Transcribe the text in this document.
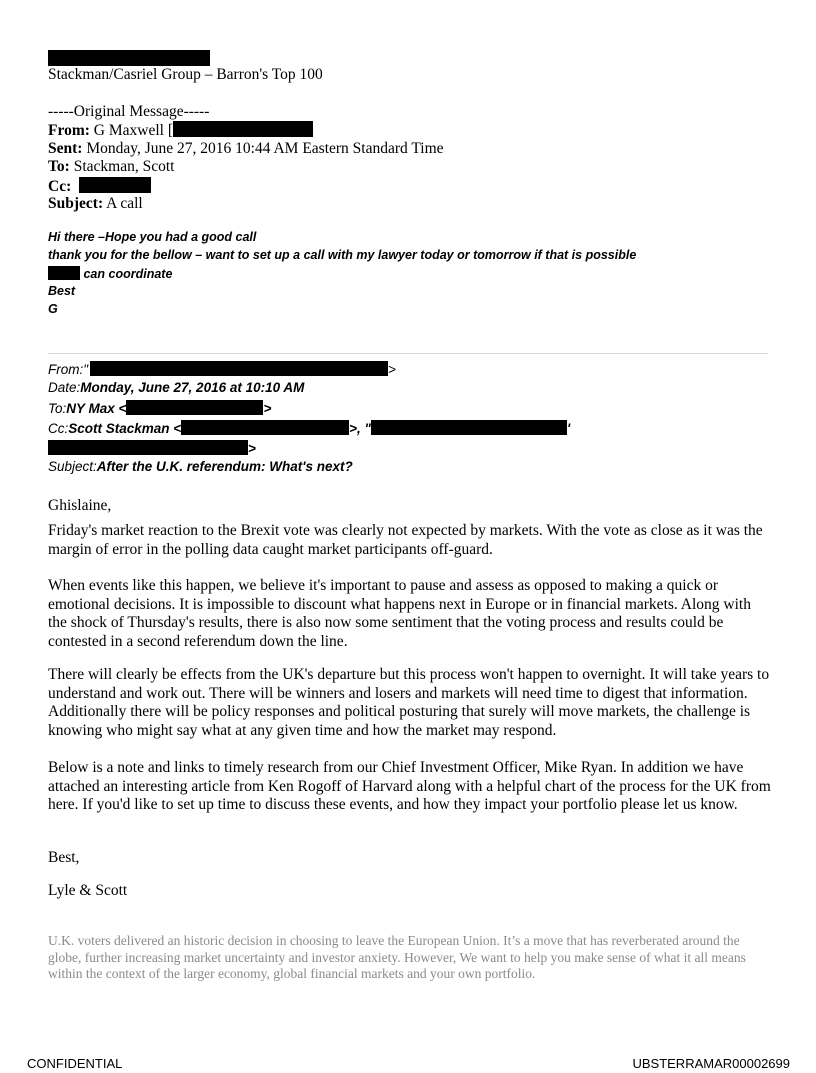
Stackman/Casriel Group – Barron's Top 100
-----Original Message-----
From: G Maxwell [
Sent: Monday, June 27, 2016 10:44 AM Eastern Standard Time
To: Stackman, Scott
Cc:
Subject: A call
Hi there –Hope you had a good call
thank you for the bellow – want to set up a call with my lawyer today or tomorrow if that is possible
can coordinate
Best
G
From:"	>
Date:Monday, June 27, 2016 at 10:10 AM
To:NY Max <	>
Cc:Scott Stackman <	>, "	'
>
Subject:After the U.K. referendum: What's next?
Ghislaine,
Friday's market reaction to the Brexit vote was clearly not expected by markets. With the vote as close as it was the margin of error in the polling data caught market participants off-guard.
When events like this happen, we believe it's important to pause and assess as opposed to making a quick or emotional decisions. It is impossible to discount what happens next in Europe or in financial markets. Along with the shock of Thursday's results, there is also now some sentiment that the voting process and results could be contested in a second referendum down the line.
There will clearly be effects from the UK's departure but this process won't happen to overnight. It will take years to understand and work out. There will be winners and losers and markets will need time to digest that information. Additionally there will be policy responses and political posturing that surely will move markets, the challenge is knowing who might say what at any given time and how the market may respond.
Below is a note and links to timely research from our Chief Investment Officer, Mike Ryan. In addition we have attached an interesting article from Ken Rogoff of Harvard along with a helpful chart of the process for the UK from here. If you'd like to set up time to discuss these events, and how they impact your portfolio please let us know.
Best,
Lyle & Scott
U.K. voters delivered an historic decision in choosing to leave the European Union. It’s a move that has reverberated around the globe, further increasing market uncertainty and investor anxiety. However, We want to help you make sense of what it all means within the context of the larger economy, global financial markets and your own portfolio.
CONFIDENTIAL	UBSTERRAMAR00002699
